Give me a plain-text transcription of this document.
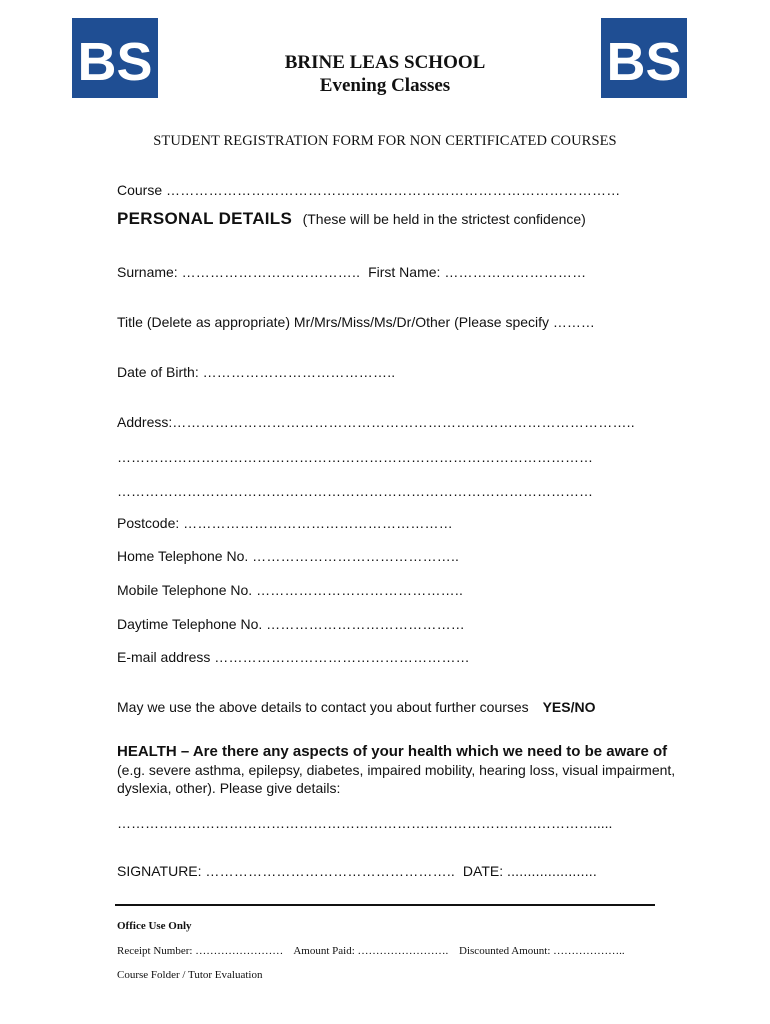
BS	BS
BRINE LEAS SCHOOL
Evening Classes
STUDENT REGISTRATION FORM FOR NON CERTIFICATED COURSES
Course ……………………………………………………………………………………
PERSONAL DETAILS (These will be held in the strictest confidence)
Surname: ……………………………….. First Name: …………………………
Title (Delete as appropriate) Mr/Mrs/Miss/Ms/Dr/Other (Please specify ………
Date of Birth: …………………………………..
Address:……………………………………………………………………………………..
…………………………………………………………………………………………
…………………………………………………………………………………………
Postcode: …………………………………………………
Home Telephone No. ……………………………………..
Mobile Telephone No. ……………………………………..
Daytime Telephone No. ……………………………………
E-mail address ………………………………………………
May we use the above details to contact you about further courses YES/NO
HEALTH – Are there any aspects of your health which we need to be aware of (e.g. severe asthma, epilepsy, diabetes, impaired mobility, hearing loss, visual impairment, dyslexia, other). Please give details:
………………………………………………………………………………………….....
SIGNATURE: …………………………………………….. DATE: ......................
Office Use Only
Receipt Number: …………………… Amount Paid: ……………………. Discounted Amount: ………………..
Course Folder / Tutor Evaluation
